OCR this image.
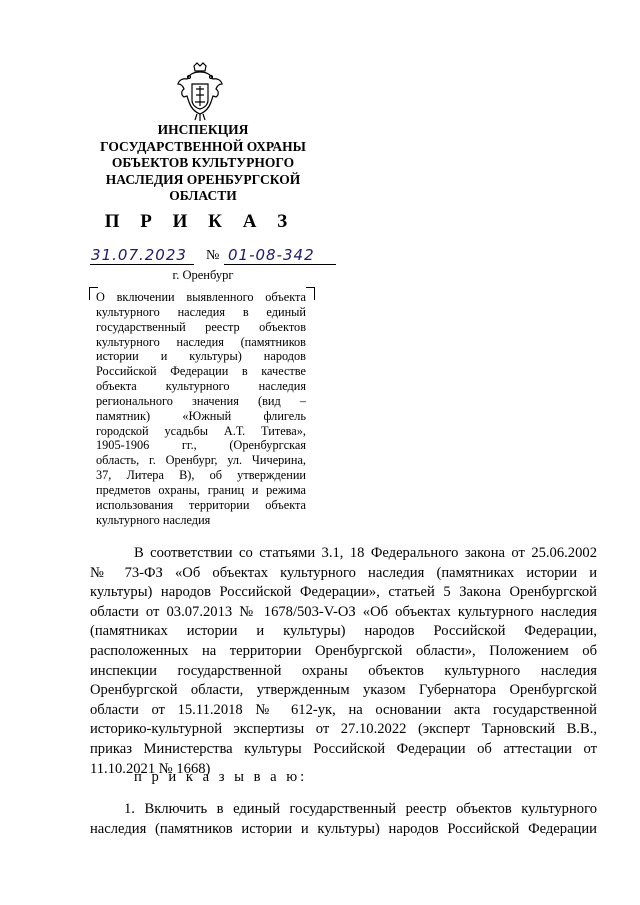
ИНСПЕКЦИЯ
ГОСУДАРСТВЕННОЙ ОХРАНЫ
ОБЪЕКТОВ КУЛЬТУРНОГО
НАСЛЕДИЯ ОРЕНБУРГСКОЙ
ОБЛАСТИ
П Р И К А З
31.07.2023 № 01-08-342
г. Оренбург
О включении выявленного объекта
культурного наследия в единый
государственный реестр объектов
культурного наследия (памятников
истории и культуры) народов
Российской Федерации в качестве
объекта культурного наследия
регионального значения (вид –
памятник) «Южный флигель
городской усадьбы А.Т. Титева»,
1905-1906 гг., (Оренбургская
область, г. Оренбург, ул. Чичерина,
37, Литера В), об утверждении
предметов охраны, границ и режима
использования территории объекта
культурного наследия
В соответствии со статьями 3.1, 18 Федерального закона от 25.06.2002
№ 73-ФЗ «Об объектах культурного наследия (памятниках истории и
культуры) народов Российской Федерации», статьей 5 Закона Оренбургской
области от 03.07.2013 № 1678/503-V-ОЗ «Об объектах культурного наследия
(памятниках истории и культуры) народов Российской Федерации,
расположенных на территории Оренбургской области», Положением об
инспекции государственной охраны объектов культурного наследия
Оренбургской области, утвержденным указом Губернатора Оренбургской
области от 15.11.2018 № 612-ук, на основании акта государственной
историко-культурной экспертизы от 27.10.2022 (эксперт Тарновский В.В.,
приказ Министерства культуры Российской Федерации об аттестации от
11.10.2021 № 1668)
п р и к а з ы в а ю:
1. Включить в единый государственный реестр объектов культурного
наследия (памятников истории и культуры) народов Российской Федерации
